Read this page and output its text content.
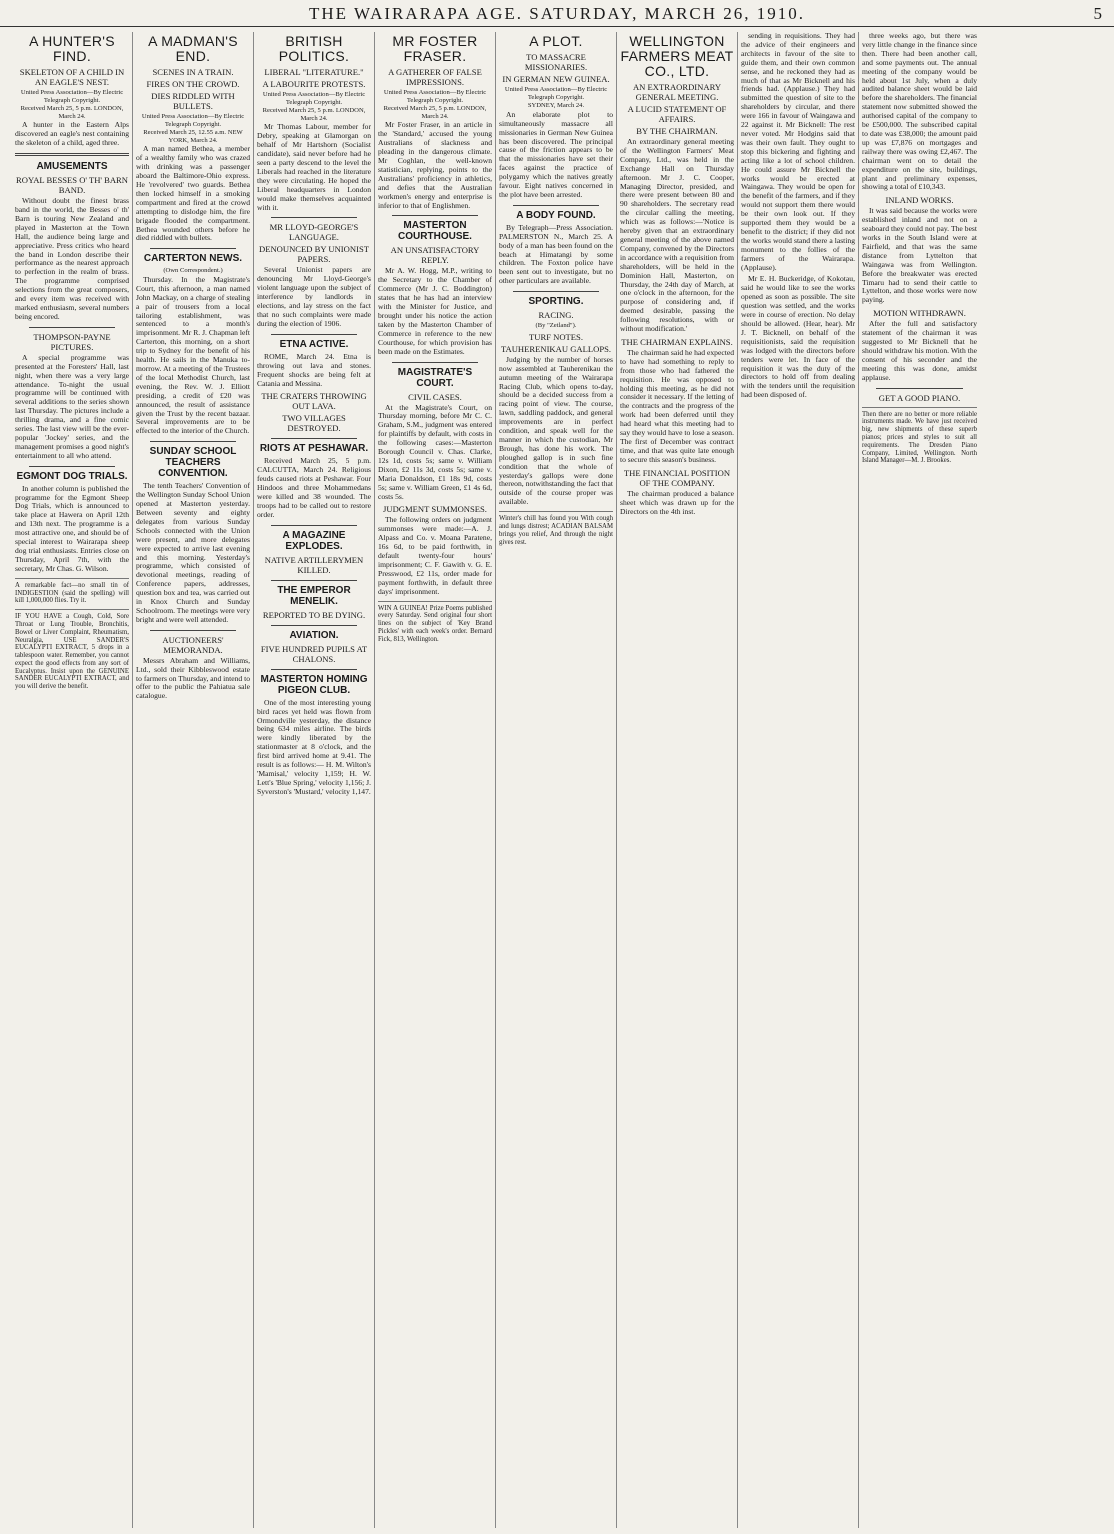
THE WAIRARAPA AGE. SATURDAY, MARCH 26, 1910.	5
A HUNTER'S FIND.
SKELETON OF A CHILD IN AN EAGLE'S NEST.
United Press Association—By Electric Telegraph Copyright.
Received March 25, 5 p.m. LONDON, March 24.

A hunter in the Eastern Alps discovered an eagle's nest containing the skeleton of a child, aged three.

AMUSEMENTS
ROYAL BESSES O' TH' BARN BAND.

Without doubt the finest brass band in the world, the Besses o' th' Barn is touring New Zealand and played in Masterton at the Town Hall, the audience being large and appreciative. Press critics who heard the band in London describe their performance as the nearest approach to perfection in the realm of brass. The programme comprised selections from the great composers, and every item was received with marked enthusiasm, several numbers being encored.

THOMPSON-PAYNE PICTURES.

A special programme was presented at the Foresters' Hall, last night, when there was a very large attendance. To-night the usual programme will be continued with several additions to the series shown last Thursday. The pictures include a thrilling drama, and a fine comic series. The last view will be the ever-popular 'Jockey' series, and the management promises a good night's entertainment to all who attend.

EGMONT DOG TRIALS.

In another column is published the programme for the Egmont Sheep Dog Trials, which is announced to take place at Hawera on April 12th and 13th next. The programme is a most attractive one, and should be of special interest to Wairarapa sheep dog trial enthusiasts. Entries close on Thursday, April 7th, with the secretary, Mr Chas. G. Wilson.

A remarkable fact—no small tin of INDIGESTION (said the spelling) will kill 1,000,000 flies. Try it.
IF YOU HAVE a Cough, Cold, Sore Throat or Lung Trouble, Bronchitis, Bowel or Liver Complaint, Rheumatism, Neuralgia, USE SANDER'S EUCALYPTI EXTRACT, 5 drops in a tablespoon water. Remember, you cannot expect the good effects from any sort of Eucalyptus. Insist upon the GENUINE SANDER EUCALYPTI EXTRACT, and you will derive the benefit.
A MADMAN'S END.
SCENES IN A TRAIN.
FIRES ON THE CROWD.
DIES RIDDLED WITH BULLETS.
United Press Association—By Electric Telegraph Copyright.
Received March 25, 12.55 a.m. NEW YORK, March 24.

A man named Bethea, a member of a wealthy family who was crazed with drinking was a passenger aboard the Baltimore-Ohio express. He 'revolvered' two guards. Bethea then locked himself in a smoking compartment and fired at the crowd attempting to dislodge him, the fire brigade flooded the compartment. Bethea wounded others before he died riddled with bullets.

CARTERTON NEWS.
(Own Correspondent.)

Thursday. In the Magistrate's Court, this afternoon, a man named John Mackay, on a charge of stealing a pair of trousers from a local tailoring establishment, was sentenced to a month's imprisonment. Mr R. J. Chapman left Carterton, this morning, on a short trip to Sydney for the benefit of his health. He sails in the Manuka to-morrow. At a meeting of the Trustees of the local Methodist Church, last evening, the Rev. W. J. Elliott presiding, a credit of £20 was announced, the result of assistance given the Trust by the recent bazaar. Several improvements are to be effected to the interior of the Church.

SUNDAY SCHOOL TEACHERS CONVENTION.

The tenth Teachers' Convention of the Wellington Sunday School Union opened at Masterton yesterday. Between seventy and eighty delegates from various Sunday Schools connected with the Union were present, and more delegates were expected to arrive last evening and this morning. Yesterday's programme, which consisted of devotional meetings, reading of Conference papers, addresses, question box and tea, was carried out in Knox Church and Sunday Schoolroom. The meetings were very bright and were well attended.

AUCTIONEERS' MEMORANDA.

Messrs Abraham and Williams, Ltd., sold their Kibbleswood estate to farmers on Thursday, and intend to offer to the public the Pahiatua sale catalogue.

BRITISH POLITICS.
LIBERAL "LITERATURE."
A LABOURITE PROTESTS.
United Press Association—By Electric Telegraph Copyright.
Received March 25, 5 p.m. LONDON, March 24.

Mr Thomas Labour, member for Debry, speaking at Glamorgan on behalf of Mr Hartshorn (Socialist candidate), said never before had he seen a party descend to the level the Liberals had reached in the literature they were circulating. He hoped the Liberal headquarters in London would make themselves acquainted with it.

MR LLOYD-GEORGE'S LANGUAGE.
DENOUNCED BY UNIONIST PAPERS.

Several Unionist papers are denouncing Mr Lloyd-George's violent language upon the subject of interference by landlords in elections, and lay stress on the fact that no such complaints were made during the election of 1906.

ETNA ACTIVE.

ROME, March 24. Etna is throwing out lava and stones. Frequent shocks are being felt at Catania and Messina.

THE CRATERS THROWING OUT LAVA.
TWO VILLAGES DESTROYED.
RIOTS AT PESHAWAR.

Received March 25, 5 p.m. CALCUTTA, March 24. Religious feuds caused riots at Peshawar. Four Hindoos and three Mohammedans were killed and 38 wounded. The troops had to be called out to restore order.

A MAGAZINE EXPLODES.
NATIVE ARTILLERYMEN KILLED.
THE EMPEROR MENELIK.
REPORTED TO BE DYING.
AVIATION.
FIVE HUNDRED PUPILS AT CHALONS.
MASTERTON HOMING PIGEON CLUB.

One of the most interesting young bird races yet held was flown from Ormondville yesterday, the distance being 634 miles airline. The birds were kindly liberated by the stationmaster at 8 o'clock, and the first bird arrived home at 9.41. The result is as follows:— H. M. Wilton's 'Mamisal,' velocity 1,159; H. W. Lett's 'Blue Spring,' velocity 1,156; J. Syverston's 'Mustard,' velocity 1,147.

MR FOSTER FRASER.
A GATHERER OF FALSE IMPRESSIONS.
United Press Association—By Electric Telegraph Copyright.
Received March 25, 5 p.m. LONDON, March 24.

Mr Foster Fraser, in an article in the 'Standard,' accused the young Australians of slackness and pleading in the dangerous climate. Mr Coghlan, the well-known statistician, replying, points to the Australians' proficiency in athletics, and defies that the Australian workmen's energy and enterprise is inferior to that of Englishmen.

MASTERTON COURTHOUSE.
AN UNSATISFACTORY REPLY.

Mr A. W. Hogg, M.P., writing to the Secretary to the Chamber of Commerce (Mr J. C. Boddington) states that he has had an interview with the Minister for Justice, and brought under his notice the action taken by the Masterton Chamber of Commerce in reference to the new Courthouse, for which provision has been made on the Estimates.

MAGISTRATE'S COURT.
CIVIL CASES.

At the Magistrate's Court, on Thursday morning, before Mr C. C. Graham, S.M., judgment was entered for plaintiffs by default, with costs in the following cases:—Masterton Borough Council v. Chas. Clarke, 12s 1d, costs 5s; same v. William Dixon, £2 11s 3d, costs 5s; same v. Maria Donaldson, £1 18s 9d, costs 5s; same v. William Green, £1 4s 6d, costs 5s.

JUDGMENT SUMMONSES.

The following orders on judgment summonses were made:—A. J. Alpass and Co. v. Moana Paratene, 16s 6d, to be paid forthwith, in default twenty-four hours' imprisonment; C. F. Gawith v. G. E. Presswood, £2 11s, order made for payment forthwith, in default three days' imprisonment.

WIN A GUINEA! Prize Poems published every Saturday. Send original four short lines on the subject of 'Key Brand Pickles' with each week's order. Bernard Fick, 813, Wellington.
A PLOT.
TO MASSACRE MISSIONARIES.
IN GERMAN NEW GUINEA.
United Press Association—By Electric Telegraph Copyright.
SYDNEY, March 24.

An elaborate plot to simultaneously massacre all missionaries in German New Guinea has been discovered. The principal cause of the friction appears to be that the missionaries have set their faces against the practice of polygamy which the natives greatly favour. Eight natives concerned in the plot have been arrested.

A BODY FOUND.

By Telegraph—Press Association. PALMERSTON N., March 25. A body of a man has been found on the beach at Himatangi by some children. The Foxton police have been sent out to investigate, but no other particulars are available.

SPORTING.
RACING.
(By "Zetland").
TURF NOTES.
TAUHERENIKAU GALLOPS.

Judging by the number of horses now assembled at Tauherenikau the autumn meeting of the Wairarapa Racing Club, which opens to-day, should be a decided success from a racing point of view. The course, lawn, saddling paddock, and general improvements are in perfect condition, and speak well for the manner in which the custodian, Mr Brough, has done his work. The ploughed gallop is in such fine condition that the whole of yesterday's gallops were done thereon, notwithstanding the fact that outside of the course proper was available.

Winter's chill has found you With cough and lungs distrest; ACADIAN BALSAM brings you relief, And through the night gives rest.
WELLINGTON FARMERS MEAT CO., LTD.
AN EXTRAORDINARY GENERAL MEETING.
A LUCID STATEMENT OF AFFAIRS.
BY THE CHAIRMAN.

An extraordinary general meeting of the Wellington Farmers' Meat Company, Ltd., was held in the Exchange Hall on Thursday afternoon. Mr J. C. Cooper, Managing Director, presided, and there were present between 80 and 90 shareholders. The secretary read the circular calling the meeting, which was as follows:—'Notice is hereby given that an extraordinary general meeting of the above named Company, convened by the Directors in accordance with a requisition from shareholders, will be held in the Dominion Hall, Masterton, on Thursday, the 24th day of March, at one o'clock in the afternoon, for the purpose of considering and, if deemed desirable, passing the following resolutions, with or without modification.'

THE CHAIRMAN EXPLAINS.

The chairman said he had expected to have had something to reply to from those who had fathered the requisition. He was opposed to holding this meeting, as he did not consider it necessary. If the letting of the contracts and the progress of the work had been deferred until they had heard what this meeting had to say they would have to lose a season. The first of December was contract time, and that was quite late enough to secure this season's business.

THE FINANCIAL POSITION OF THE COMPANY.

The chairman produced a balance sheet which was drawn up for the Directors on the 4th inst.

sending in requisitions. They had the advice of their engineers and architects in favour of the site to guide them, and their own common sense, and he reckoned they had as much of that as Mr Bicknell and his friends had. (Applause.) They had submitted the question of site to the shareholders by circular, and there were 166 in favour of Waingawa and 22 against it. Mr Bicknell: The rest never voted. Mr Hodgins said that was their own fault. They ought to stop this bickering and fighting and acting like a lot of school children. He could assure Mr Bicknell the works would be erected at Waingawa. They would be open for the benefit of the farmers, and if they would not support them there would be their own look out. If they supported them they would be a benefit to the district; if they did not the works would stand there a lasting monument to the follies of the farmers of the Wairarapa. (Applause).

Mr E. H. Buckeridge, of Kokotau, said he would like to see the works opened as soon as possible. The site question was settled, and the works were in course of erection. No delay should be allowed. (Hear, hear). Mr J. T. Bicknell, on behalf of the requisitionists, said the requisition was lodged with the directors before tenders were let. In face of the requisition it was the duty of the directors to hold off from dealing with the tenders until the requisition had been disposed of.

three weeks ago, but there was very little change in the finance since then. There had been another call, and some payments out. The annual meeting of the company would be held about 1st July, when a duly audited balance sheet would be laid before the shareholders. The financial statement now submitted showed the authorised capital of the company to be £500,000. The subscribed capital to date was £38,000; the amount paid up was £7,876 on mortgages and railway there was owing £2,467. The chairman went on to detail the expenditure on the site, buildings, plant and preliminary expenses, showing a total of £10,343.

INLAND WORKS.

It was said because the works were established inland and not on a seaboard they could not pay. The best works in the South Island were at Fairfield, and that was the same distance from Lyttelton that Waingawa was from Wellington. Before the breakwater was erected Timaru had to send their cattle to Lyttelton, and those works were now paying.

MOTION WITHDRAWN.

After the full and satisfactory statement of the chairman it was suggested to Mr Bicknell that he should withdraw his motion. With the consent of his seconder and the meeting this was done, amidst applause.

GET A GOOD PIANO.
Then there are no better or more reliable instruments made. We have just received big, new shipments of these superb pianos; prices and styles to suit all requirements. The Dresden Piano Company, Limited, Wellington. North Island Manager—M. J. Brookes.
